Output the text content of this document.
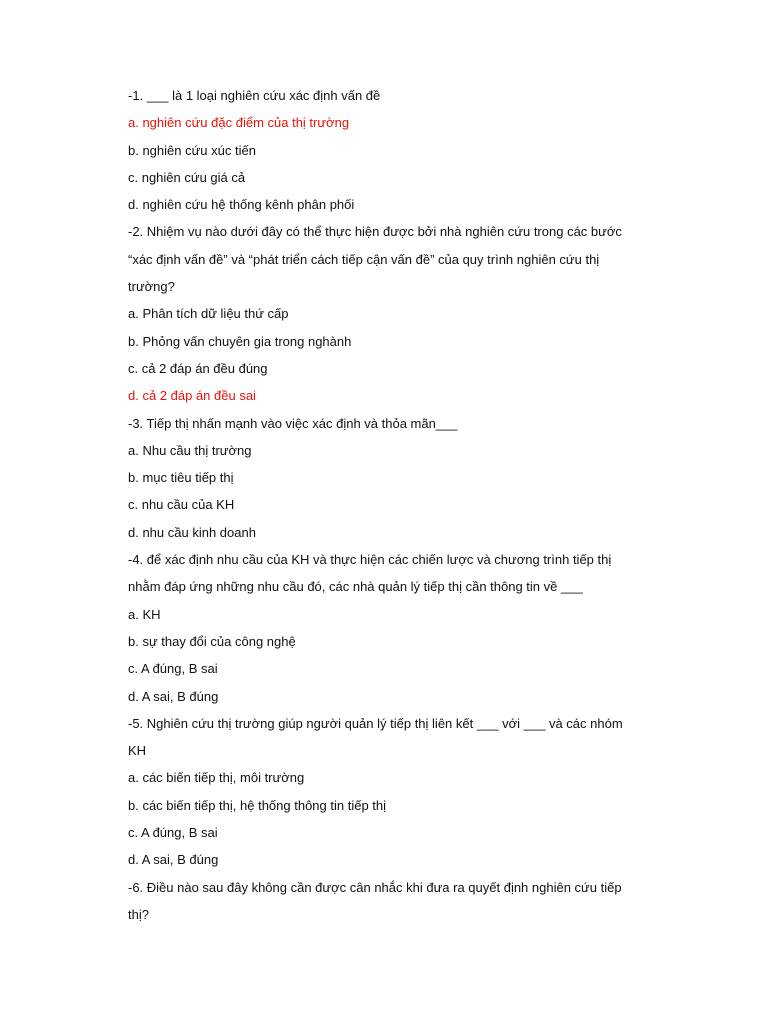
-1. ___ là 1 loại nghiên cứu xác định vấn đề

a. nghiên cứu đặc điểm của thị trường

b. nghiên cứu xúc tiến

c. nghiên cứu giá cả

d. nghiên cứu hệ thống kênh phân phối

-2. Nhiệm vụ nào dưới đây có thể thực hiện được bởi nhà nghiên cứu trong các bước “xác định vấn đề” và “phát triển cách tiếp cận vấn đề” của quy trình nghiên cứu thị trường?

a. Phân tích dữ liệu thứ cấp

b. Phỏng vấn chuyên gia trong nghành

c. cả 2 đáp án đều đúng

d. cả 2 đáp án đều sai

-3. Tiếp thị nhấn mạnh vào việc xác định và thỏa mãn___

a. Nhu cầu thị trường

b. mục tiêu tiếp thị

c. nhu cầu của KH

d. nhu cầu kinh doanh

-4. để xác định nhu cầu của KH và thực hiện các chiến lược và chương trình tiếp thị nhằm đáp ứng những nhu cầu đó, các nhà quản lý tiếp thị cần thông tin về ___

a. KH

b. sự thay đổi của công nghệ

c. A đúng, B sai

d. A sai, B đúng

-5. Nghiên cứu thị trường giúp người quản lý tiếp thị liên kết ___ với ___ và các nhóm KH

a. các biến tiếp thị, môi trường

b. các biến tiếp thị, hệ thống thông tin tiếp thị

c. A đúng, B sai

d. A sai, B đúng

-6. Điều nào sau đây không cần được cân nhắc khi đưa ra quyết định nghiên cứu tiếp thị?
